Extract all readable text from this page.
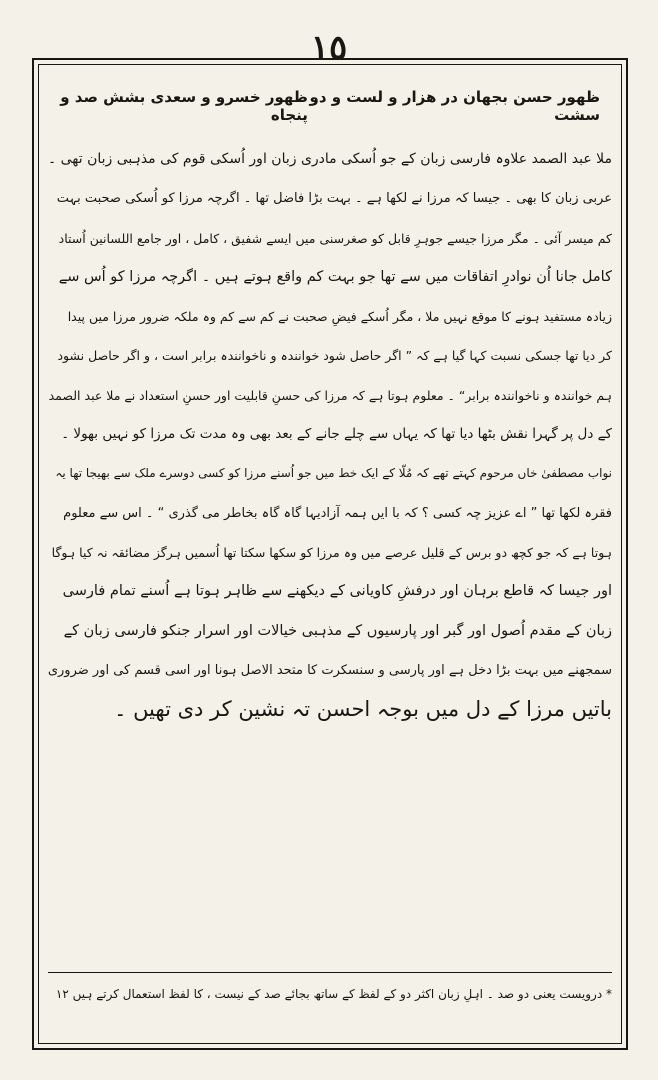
١٥
ظهور حسن بجهان در هزار و لست و دو سشت
ظهور خسرو و سعدی بشش صد و پنجاه
ملا عبد الصمد علاوہ فارسی زبان کے جو اُسکی مادری زبان اور اُسکی قوم کی مذہبی زبان تھی ۔
عربی زبان کا بھی ۔ جیسا کہ مرزا نے لکھا ہے ۔ بہت بڑا فاضل تھا ۔ اگرچہ مرزا کو اُسکی صحبت بہت
کم میسر آئی ۔ مگر مرزا جیسے جوہرِ قابل کو صغرسنی میں ایسے شفیق ، کامل ، اور جامع اللسانین اُستاد
کامل جانا اُن نوادرِ اتفاقات میں سے تھا جو بہت کم واقع ہوتے ہیں ۔ اگرچہ مرزا کو اُس سے
زیادہ مستفید ہونے کا موقع نہیں ملا ، مگر اُسکے فیضِ صحبت نے کم سے کم وہ ملکہ ضرور مرزا میں پیدا
کر دیا تھا جسکی نسبت کہا گیا ہے کہ ” اگر حاصل شود خوانندہ و ناخوانندہ برابر است ، و اگر حاصل نشود
ہم خوانندہ و ناخوانندہ برابر“ ۔ معلوم ہوتا ہے کہ مرزا کی حسنِ قابلیت اور حسنِ استعداد نے ملا عبد الصمد
کے دل پر گہرا نقش بٹھا دیا تھا کہ یہاں سے چلے جانے کے بعد بھی وہ مدت تک مرزا کو نہیں بھولا ۔
نواب مصطفیٰ خاں مرحوم کہتے تھے کہ مُلّا کے ایک خط میں جو اُسنے مرزا کو کسی دوسرے ملک سے بھیجا تھا یہ
فقرہ لکھا تھا ” اے عزیز چہ کسی ؟ کہ با ایں ہمہ آزادیہا گاہ گاہ بخاطر می گذری “ ۔ اس سے معلوم
ہوتا ہے کہ جو کچھ دو برس کے قلیل عرصے میں وہ مرزا کو سکھا سکتا تھا اُسمیں ہرگز مضائقہ نہ کیا ہوگا
اور جیسا کہ قاطع برہان اور درفشِ کاویانی کے دیکھنے سے ظاہر ہوتا ہے اُسنے تمام فارسی
زبان کے مقدم اُصول اور گبر اور پارسیوں کے مذہبی خیالات اور اسرار جنکو فارسی زبان کے
سمجھنے میں بہت بڑا دخل ہے اور پارسی و سنسکرت کا متحد الاصل ہونا اور اسی قسم کی اور ضروری
باتیں مرزا کے دل میں بوجہ احسن تہ نشین کر دی تھیں ۔
* درویست یعنی دو صد ۔ اہلِ زبان اکثر دو کے لفظ کے ساتھ بجائے صد کے نیست ، کا لفظ استعمال کرتے ہیں ۱۲
